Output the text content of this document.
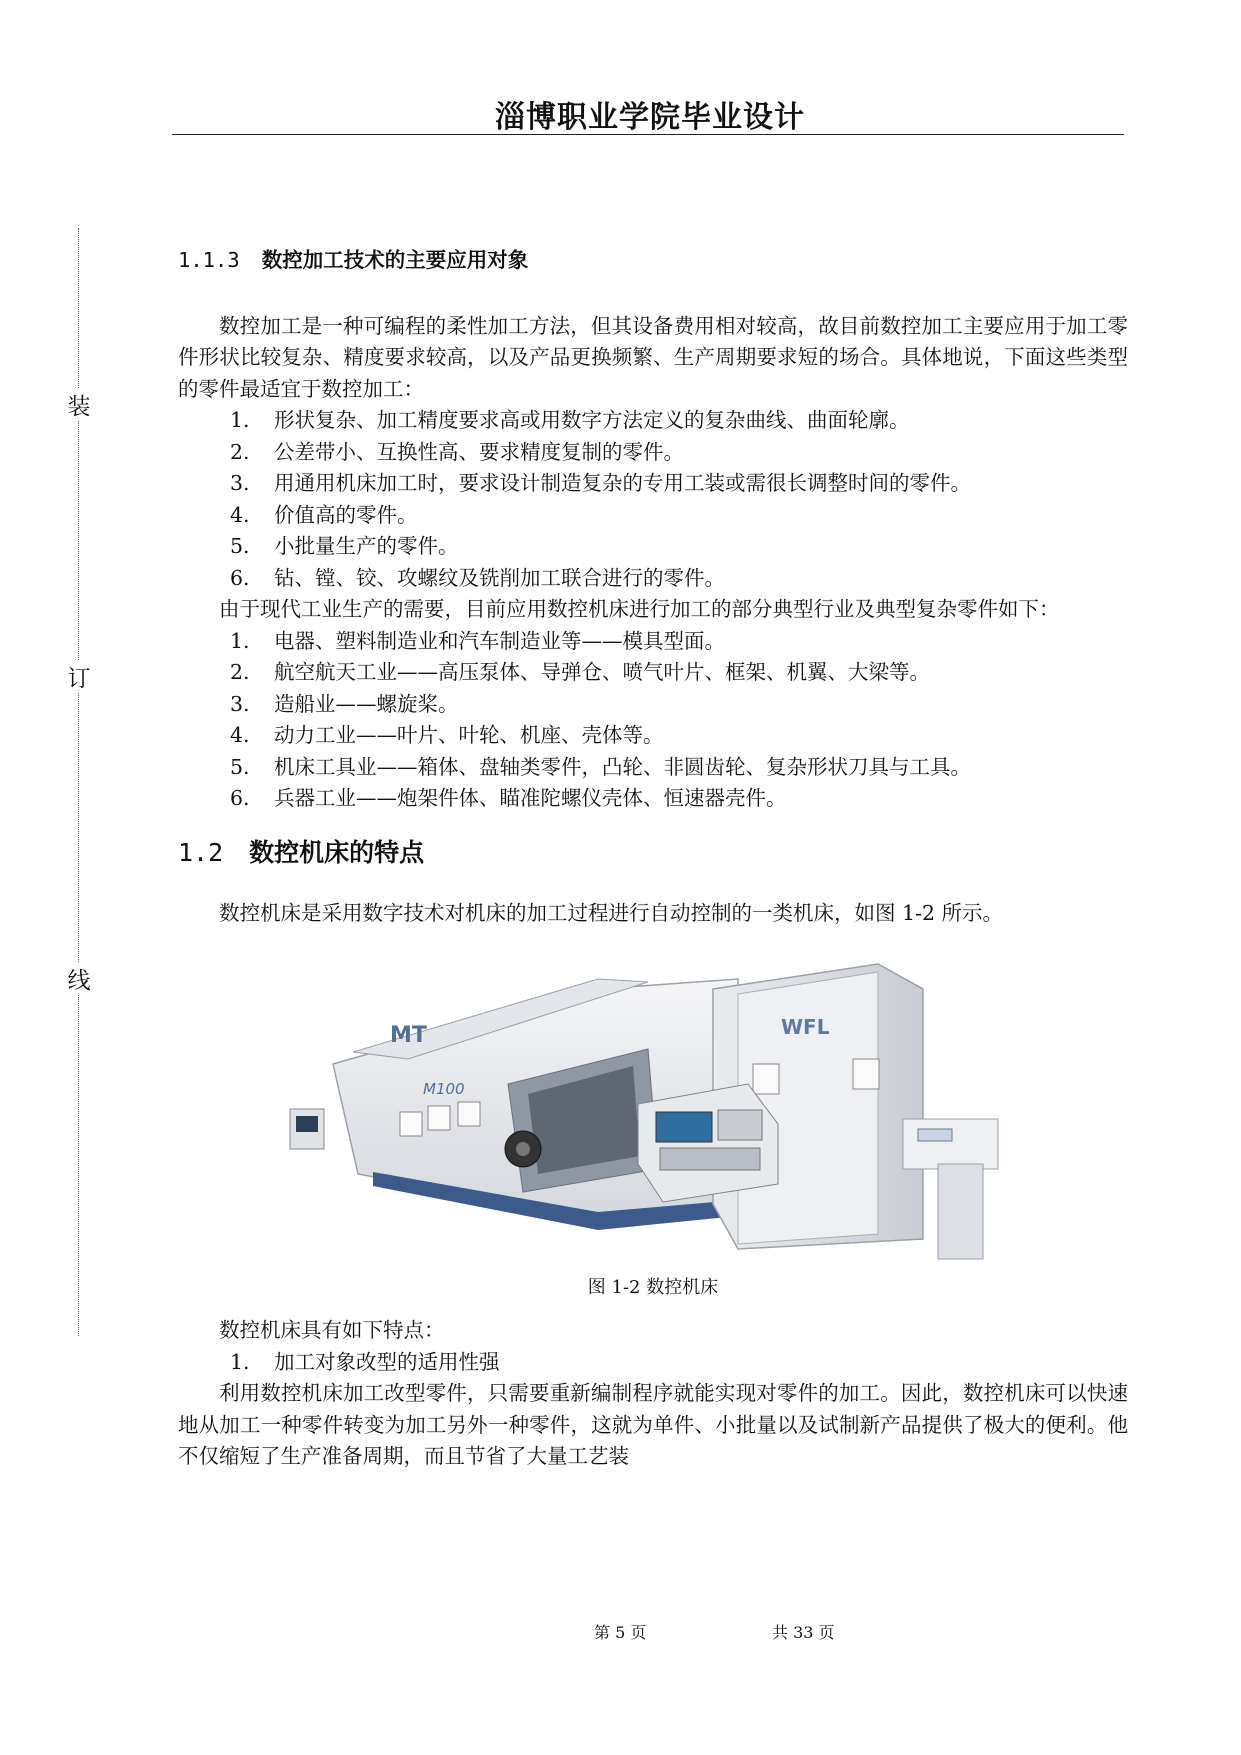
淄博职业学院毕业设计
装
订
线
1.1.3 数控加工技术的主要应用对象

数控加工是一种可编程的柔性加工方法，但其设备费用相对较高，故目前数控加工主要应用于加工零件形状比较复杂、精度要求较高，以及产品更换频繁、生产周期要求短的场合。具体地说，下面这些类型的零件最适宜于数控加工：

1. 形状复杂、加工精度要求高或用数字方法定义的复杂曲线、曲面轮廓。
2. 公差带小、互换性高、要求精度复制的零件。
3. 用通用机床加工时，要求设计制造复杂的专用工装或需很长调整时间的零件。
4. 价值高的零件。
5. 小批量生产的零件。
6. 钻、镗、铰、攻螺纹及铣削加工联合进行的零件。

由于现代工业生产的需要，目前应用数控机床进行加工的部分典型行业及典型复杂零件如下：

1. 电器、塑料制造业和汽车制造业等——模具型面。
2. 航空航天工业——高压泵体、导弹仓、喷气叶片、框架、机翼、大梁等。
3. 造船业——螺旋桨。
4. 动力工业——叶片、叶轮、机座、壳体等。
5. 机床工具业——箱体、盘轴类零件，凸轮、非圆齿轮、复杂形状刀具与工具。
6. 兵器工业——炮架件体、瞄准陀螺仪壳体、恒速器壳件。
1.2 数控机床的特点

数控机床是采用数字技术对机床的加工过程进行自动控制的一类机床，如图 1-2 所示。

MT
M100
WFL
图 1-2 数控机床

数控机床具有如下特点：

1. 加工对象改型的适用性强

利用数控机床加工改型零件，只需要重新编制程序就能实现对零件的加工。因此，数控机床可以快速地从加工一种零件转变为加工另外一种零件，这就为单件、小批量以及试制新产品提供了极大的便利。他不仅缩短了生产准备周期，而且节省了大量工艺装

第 5 页	共 33 页
